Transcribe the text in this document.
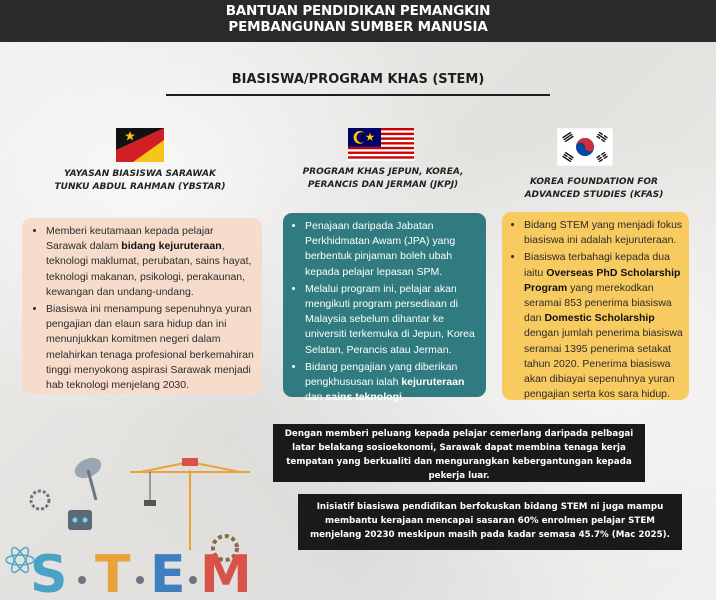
BANTUAN PENDIDIKAN PEMANGKIN
PEMBANGUNAN SUMBER MANUSIA
BIASISWA/PROGRAM KHAS (STEM)
YAYASAN BIASISWA SARAWAK
TUNKU ABDUL RAHMAN (YBSTAR)
PROGRAM KHAS JEPUN, KOREA,
PERANCIS DAN JERMAN (JKPJ)	KOREA FOUNDATION FOR
ADVANCED STUDIES (KFAS)
• Memberi keutamaan kepada pelajar Sarawak dalam bidang kejuruteraan, teknologi maklumat, perubatan, sains hayat, teknologi makanan, psikologi, perakaunan, kewangan dan undang-undang.
• Biasiswa ini menampung sepenuhnya yuran pengajian dan elaun sara hidup dan ini menunjukkan komitmen negeri dalam melahirkan tenaga profesional berkemahiran tinggi menyokong aspirasi Sarawak menjadi hab teknologi menjelang 2030.
• Penajaan daripada Jabatan Perkhidmatan Awam (JPA) yang berbentuk pinjaman boleh ubah kepada pelajar lepasan SPM.
• Melalui program ini, pelajar akan mengikuti program persediaan di Malaysia sebelum dihantar ke universiti terkemuka di Jepun, Korea Selatan, Perancis atau Jerman.
• Bidang pengajian yang diberikan pengkhususan ialah kejuruteraan dan sains teknologi.
• Bidang STEM yang menjadi fokus biasiswa ini adalah kejuruteraan.
• Biasiswa terbahagi kepada dua iaitu Overseas PhD Scholarship Program yang merekodkan seramai 853 penerima biasiswa dan Domestic Scholarship dengan jumlah penerima biasiswa seramai 1395 penerima setakat tahun 2020. Penerima biasiswa akan dibiayai sepenuhnya yuran pengajian serta kos sara hidup.
Dengan memberi peluang kepada pelajar cemerlang daripada pelbagai latar belakang sosioekonomi, Sarawak dapat membina tenaga kerja tempatan yang berkualiti dan mengurangkan kebergantungan kepada pekerja luar.
Inisiatif biasiswa pendidikan berfokuskan bidang STEM ni juga mampu membantu kerajaan mencapai sasaran 60% enrolmen pelajar STEM menjelang 20230 meskipun masih pada kadar semasa 45.7% (Mac 2025).
S T E M
